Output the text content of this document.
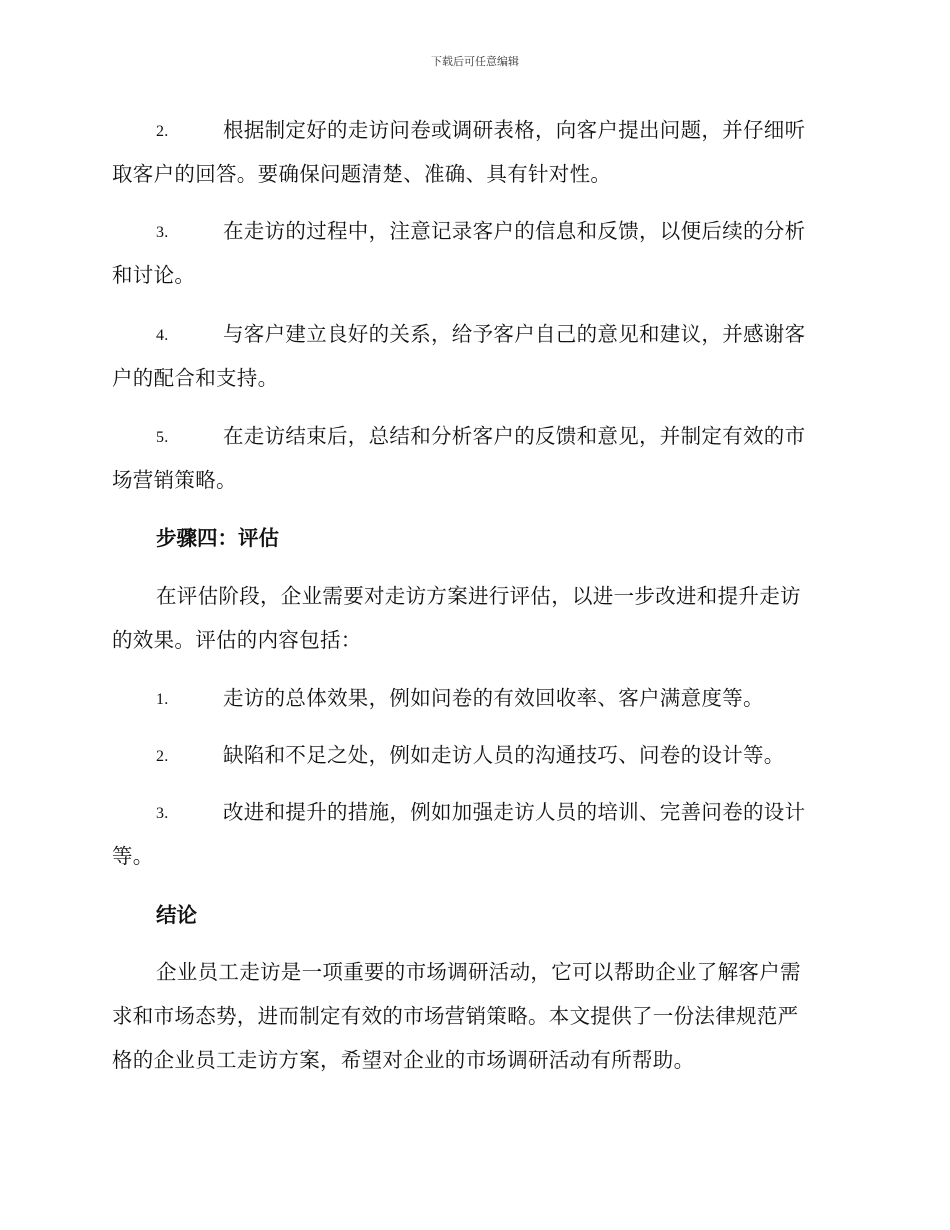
下载后可任意编辑
2.	根据制定好的走访问卷或调研表格，向客户提出问题，并仔细听
取客户的回答。要确保问题清楚、准确、具有针对性。
3.	在走访的过程中，注意记录客户的信息和反馈，以便后续的分析
和讨论。
4.	与客户建立良好的关系，给予客户自己的意见和建议，并感谢客
户的配合和支持。
5.	在走访结束后，总结和分析客户的反馈和意见，并制定有效的市
场营销策略。
步骤四：评估
在评估阶段，企业需要对走访方案进行评估，以进一步改进和提升走访
的效果。评估的内容包括：
1.	走访的总体效果，例如问卷的有效回收率、客户满意度等。
2.	缺陷和不足之处，例如走访人员的沟通技巧、问卷的设计等。
3.	改进和提升的措施，例如加强走访人员的培训、完善问卷的设计
等。
结论
企业员工走访是一项重要的市场调研活动，它可以帮助企业了解客户需
求和市场态势，进而制定有效的市场营销策略。本文提供了一份法律规范严
格的企业员工走访方案，希望对企业的市场调研活动有所帮助。
